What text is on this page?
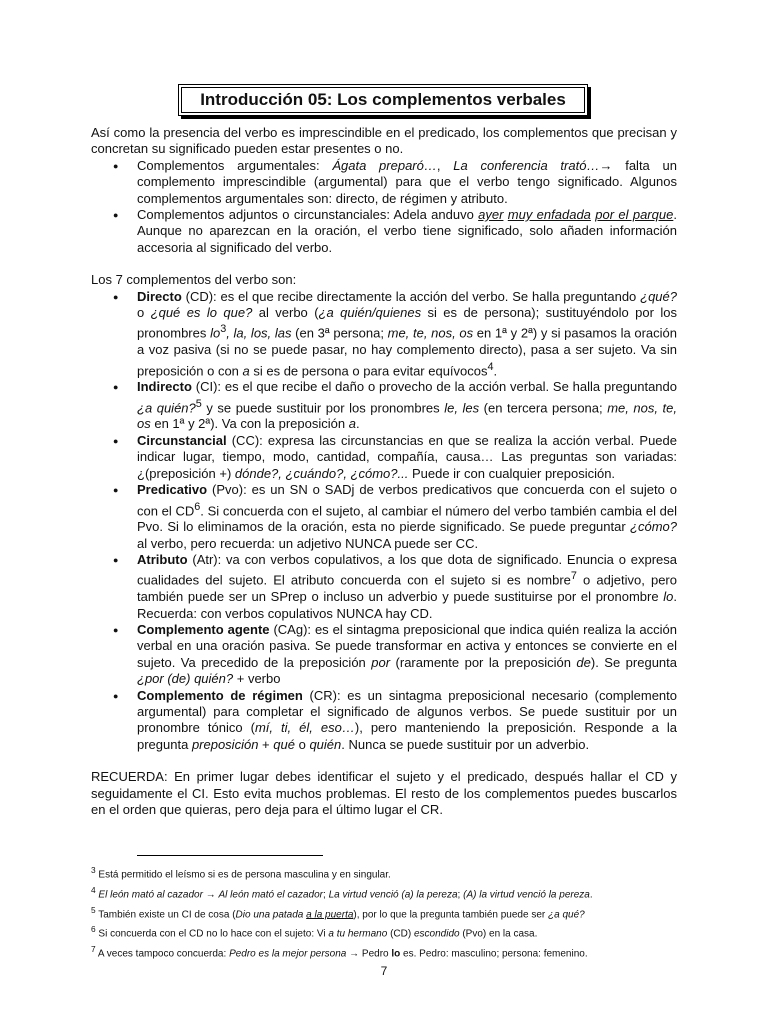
Introducción 05: Los complementos verbales

Así como la presencia del verbo es imprescindible en el predicado, los complementos que precisan y concretan su significado pueden estar presentes o no.

● Complementos argumentales: Ágata preparó…, La conferencia trató…→ falta un complemento imprescindible (argumental) para que el verbo tengo significado. Algunos complementos argumentales son: directo, de régimen y atributo.
● Complementos adjuntos o circunstanciales: Adela anduvo ayer muy enfadada por el parque. Aunque no aparezcan en la oración, el verbo tiene significado, solo añaden información accesoria al significado del verbo.

Los 7 complementos del verbo son:

● Directo (CD): es el que recibe directamente la acción del verbo. Se halla preguntando ¿qué? o ¿qué es lo que? al verbo (¿a quién/quienes si es de persona); sustituyéndolo por los pronombres $lo^3$, la, los, las (en 3ª persona; me, te, nos, os en 1ª y 2ª) y si pasamos la oración a voz pasiva (si no se puede pasar, no hay complemento directo), pasa a ser sujeto. Va sin preposición o con a si es de persona o para evitar equívocos$^4$.
● Indirecto (CI): es el que recibe el daño o provecho de la acción verbal. Se halla preguntando ¿a quién?$^5$ y se puede sustituir por los pronombres le, les (en tercera persona; me, nos, te, os en 1ª y 2ª). Va con la preposición a.
● Circunstancial (CC): expresa las circunstancias en que se realiza la acción verbal. Puede indicar lugar, tiempo, modo, cantidad, compañía, causa… Las preguntas son variadas: ¿(preposición +) dónde?, ¿cuándo?, ¿cómo?... Puede ir con cualquier preposición.
● Predicativo (Pvo): es un SN o SADj de verbos predicativos que concuerda con el sujeto o con el $CD^6$. Si concuerda con el sujeto, al cambiar el número del verbo también cambia el del Pvo. Si lo eliminamos de la oración, esta no pierde significado. Se puede preguntar ¿cómo? al verbo, pero recuerda: un adjetivo NUNCA puede ser CC.
● Atributo (Atr): va con verbos copulativos, a los que dota de significado. Enuncia o expresa cualidades del sujeto. El atributo concuerda con el sujeto si es nombre$^7$ o adjetivo, pero también puede ser un SPrep o incluso un adverbio y puede sustituirse por el pronombre lo. Recuerda: con verbos copulativos NUNCA hay CD.
● Complemento agente (CAg): es el sintagma preposicional que indica quién realiza la acción verbal en una oración pasiva. Se puede transformar en activa y entonces se convierte en el sujeto. Va precedido de la preposición por (raramente por la preposición de). Se pregunta ¿por (de) quién? + verbo
● Complemento de régimen (CR): es un sintagma preposicional necesario (complemento argumental) para completar el significado de algunos verbos. Se puede sustituir por un pronombre tónico (mí, ti, él, eso…), pero manteniendo la preposición. Responde a la pregunta preposición + qué o quién. Nunca se puede sustituir por un adverbio.

RECUERDA: En primer lugar debes identificar el sujeto y el predicado, después hallar el CD y seguidamente el CI. Esto evita muchos problemas. El resto de los complementos puedes buscarlos en el orden que quieras, pero deja para el último lugar el CR.

$^3$ Está permitido el leísmo si es de persona masculina y en singular.

$^4$ El león mató al cazador → Al león mató el cazador; La virtud venció (a) la pereza; (A) la virtud venció la pereza.

$^5$ También existe un CI de cosa (Dio una patada a la puerta), por lo que la pregunta también puede ser ¿a qué?

$^6$ Si concuerda con el CD no lo hace con el sujeto: Vi a tu hermano (CD) escondido (Pvo) en la casa.

$^7$ A veces tampoco concuerda: Pedro es la mejor persona → Pedro lo es. Pedro: masculino; persona: femenino.

7
